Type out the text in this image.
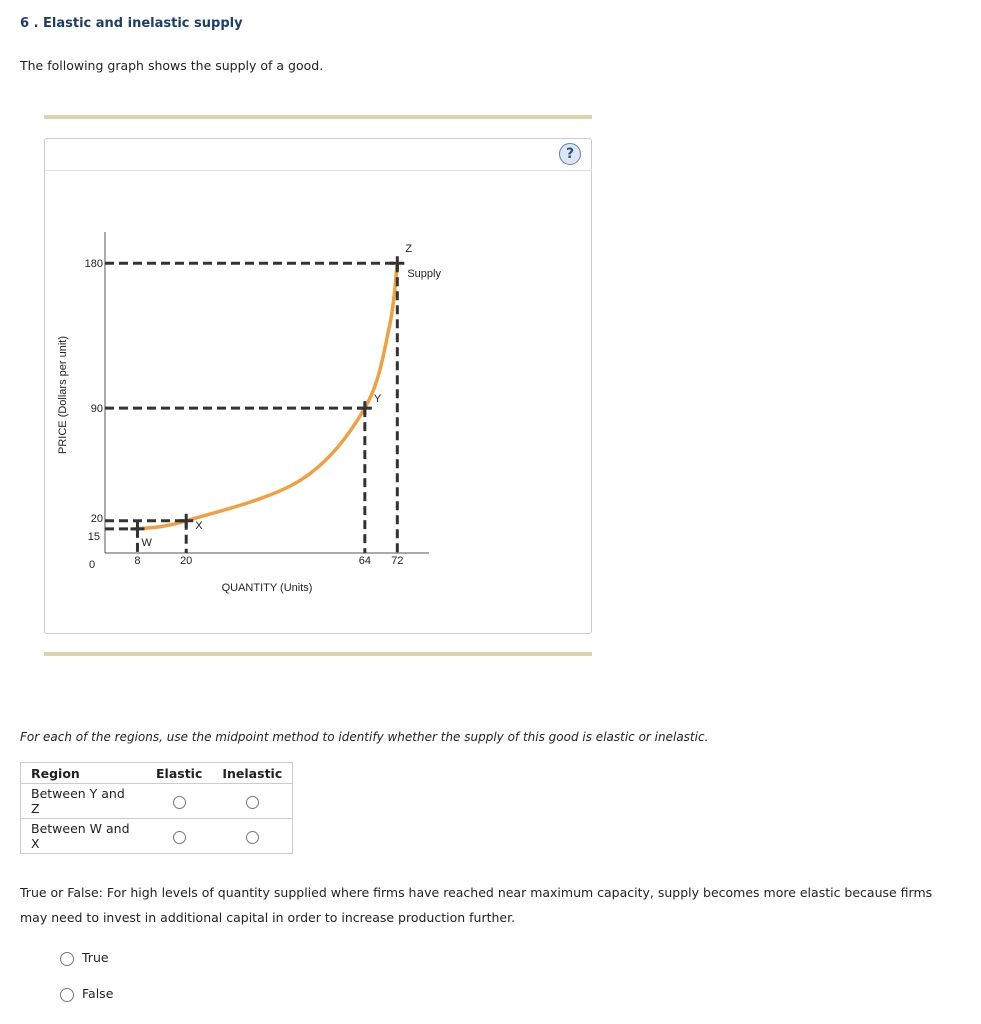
6 . Elastic and inelastic supply
The following graph shows the supply of a good.
?
W
X
Y
Z
Supply
8	20	64 72
15
20
90
180
0
QUANTITY (Units)
PRICE (Dollars per unit)
For each of the regions, use the midpoint method to identify whether the supply of this good is elastic or inelastic.
Region	Elastic	Inelastic
Between Y and Z		
Between W and X		
True or False: For high levels of quantity supplied where firms have reached near maximum capacity, supply becomes more elastic because firms may need to invest in additional capital in order to increase production further.
True
False
